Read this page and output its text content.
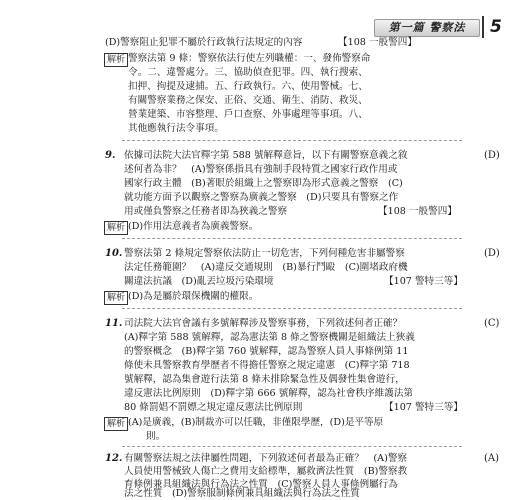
第一篇 警察法	5
(D)警察阻止犯罪不屬於行政執行法規定的內容	【108 一般警四】
解析 警察法第 9 條：警察依法行使左列職權：一、發佈警察命
令。二、違警處分。三、協助偵查犯罪。四、執行搜索、
扣押、拘提及逮捕。五、行政執行。六、使用警械。七、
有關警察業務之保安、正俗、交通、衛生、消防、救災、
營業建築、市容整理、戶口查察、外事處理等事項。八、
其他應執行法令事項。
9.	(D)
依據司法院大法官釋字第 588 號解釋意旨，以下有關警察意義之敘
述何者為非？　(A)警察係指具有強制手段特質之國家行政作用或
國家行政主體　(B)著眼於組織上之警察即為形式意義之警察　(C)
就功能方面予以觀察之警察為廣義之警察　(D)只要具有警察之作
用或僅負警察之任務者即為狹義之警察	【108 一般警四】
解析 (D)作用法意義者為廣義警察。
10.	(D)
警察法第 2 條規定警察依法防止一切危害，下列何種危害非屬警察
法定任務範圍？　(A)違反交通規則　(B)暴行鬥毆　(C)圍堵政府機
關違法抗議　(D)亂丟垃圾污染環境	【107 警特三等】
解析 (D)為是屬於環保機關的權限。
11.	(C)
司法院大法官會議有多號解釋涉及警察事務，下列敘述何者正確？
(A)釋字第 588 號解釋，認為憲法第 8 條之警察機關是組織法上狹義
的警察概念　(B)釋字第 760 號解釋，認為警察人員人事條例第 11
條使未具警察教育學歷者不得擔任警察之規定違憲　(C)釋字第 718
號解釋，認為集會遊行法第 8 條未排除緊急性及偶發性集會遊行，
違反憲法比例原則　(D)釋字第 666 號解釋，認為社會秩序維護法第
80 條罰娼不罰嫖之規定違反憲法比例原則	【107 警特三等】
解析 (A)是廣義，(B)制裁亦可以任職，非僅限學歷，(D)是平等原
則。
12.	(A)
有關警察法規之法律屬性問題，下列敘述何者最為正確？　(A)警察
人員使用警械致人傷亡之費用支給標準，屬救濟法性質　(B)警察教
育條例兼具組織法與行為法之性質　(C)警察人員人事條例屬行為
法之性質　(D)警察服制條例兼具組織法與行為法之性質
